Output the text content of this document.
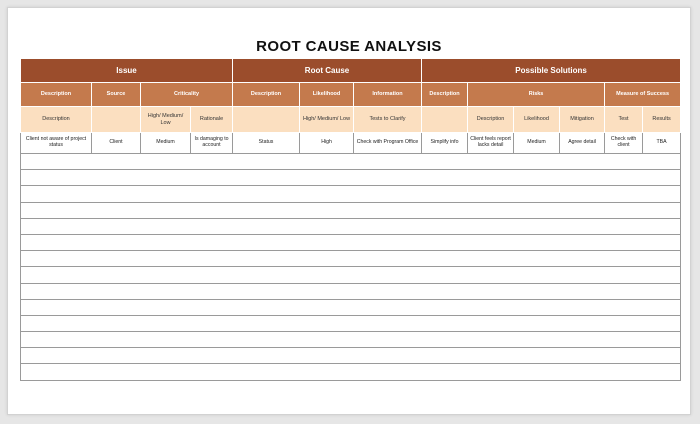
ROOT CAUSE ANALYSIS
Issue				Root Cause			Possible Solutions					
Description	Source	Criticality		Description	Likelihood	Information	Description	Risks			Measure of Success	
Description		High/ Medium/ Low	Rationale		High/ Medium/ Low	Tests to Clarify		Description	Likelihood	Mitigation	Test	Results
Client not aware of project status	Client	Medium	Is damaging to account	Status	High	Check with Program Office	Simplify info	Client feels report lacks detail	Medium	Agree detail	Check with client	TBA
